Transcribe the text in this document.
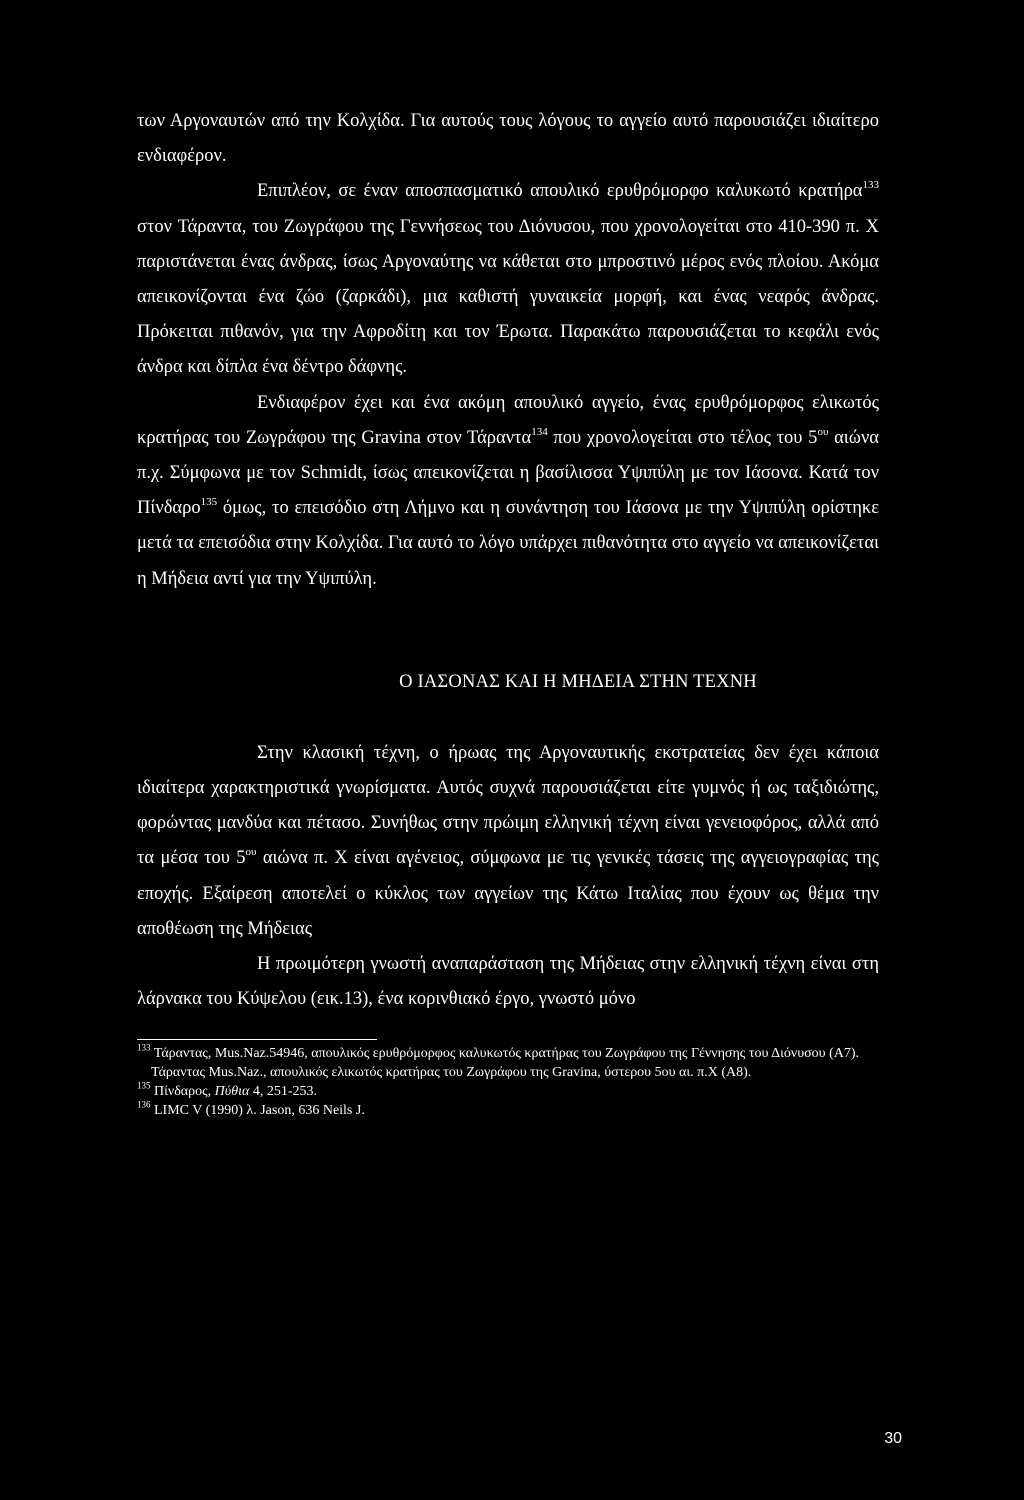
των Αργοναυτών από την Κολχίδα. Για αυτούς τους λόγους το αγγείο αυτό παρουσιάζει ιδιαίτερο ενδιαφέρον.

Επιπλέον, σε έναν αποσπασματικό απουλικό ερυθρόμορφο καλυκωτό κρατήρα$^{133}$ στον Τάραντα, του Ζωγράφου της Γεννήσεως του Διόνυσου, που χρονολογείται στο 410-390 π. Χ παριστάνεται ένας άνδρας, ίσως Αργοναύτης να κάθεται στο μπροστινό μέρος ενός πλοίου. Ακόμα απεικονίζονται ένα ζώο (ζαρκάδι), μια καθιστή γυναικεία μορφή, και ένας νεαρός άνδρας. Πρόκειται πιθανόν, για την Αφροδίτη και τον Έρωτα. Παρακάτω παρουσιάζεται το κεφάλι ενός άνδρα και δίπλα ένα δέντρο δάφνης.

Ενδιαφέρον έχει και ένα ακόμη απουλικό αγγείο, ένας ερυθρόμορφος ελικωτός κρατήρας του Ζωγράφου της Gravina στον Τάραντα$^{134}$ που χρονολογείται στο τέλος του $5^{o\upsilon}$ αιώνα π.χ. Σύμφωνα με τον Schmidt, ίσως απεικονίζεται η βασίλισσα Υψιπύλη με τον Ιάσονα. Κατά τον Πίνδαρο$^{135}$ όμως, το επεισόδιο στη Λήμνο και η συνάντηση του Ιάσονα με την Υψιπύλη ορίστηκε μετά τα επεισόδια στην Κολχίδα. Για αυτό το λόγο υπάρχει πιθανότητα στο αγγείο να απεικονίζεται η Μήδεια αντί για την Υψιπύλη.

Ο ΙΑΣΟΝΑΣ ΚΑΙ Η ΜΗΔΕΙΑ ΣΤΗΝ ΤΕΧΝΗ

Στην κλασική τέχνη, ο ήρωας της Αργοναυτικής εκστρατείας δεν έχει κάποια ιδιαίτερα χαρακτηριστικά γνωρίσματα. Αυτός συχνά παρουσιάζεται είτε γυμνός ή ως ταξιδιώτης, φορώντας μανδύα και πέτασο. Συνήθως στην πρώιμη ελληνική τέχνη είναι γενειοφόρος, αλλά από τα μέσα του $5^{o\upsilon}$ αιώνα π. Χ είναι αγένειος, σύμφωνα με τις γενικές τάσεις της αγγειογραφίας της εποχής. Εξαίρεση αποτελεί ο κύκλος των αγγείων της Κάτω Ιταλίας που έχουν ως θέμα την αποθέωση της Μήδειας

Η πρωιμότερη γνωστή αναπαράσταση της Μήδειας στην ελληνική τέχνη είναι στη λάρνακα του Κύψελου (εικ.13), ένα κορινθιακό έργο, γνωστό μόνο

$^{133}$ Τάραντας, Mus.Naz.54946, απουλικός ερυθρόμορφος καλυκωτός κρατήρας του Ζωγράφου της Γέννησης του Διόνυσου (Α7).

Τάραντας Mus.Naz., απουλικός ελικωτός κρατήρας του Ζωγράφου της Gravina, ύστερου 5ου αι. π.Χ (Α8).

$^{135}$ Πίνδαρος, Πύθια 4, 251-253.

$^{136}$ LIMC V (1990) λ. Jason, 636 Neils J.

30
